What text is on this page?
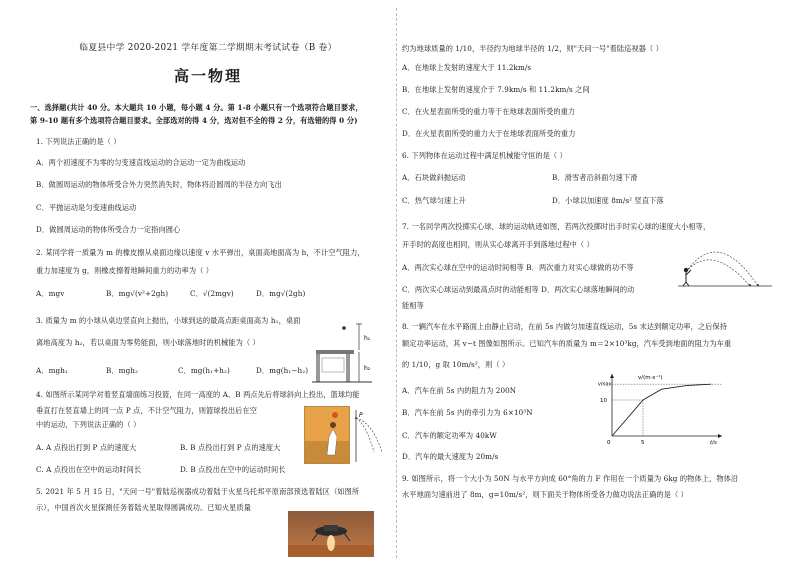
临夏县中学 2020-2021 学年度第二学期期末考试试卷（B 卷）
高一物理
一、选择题(共计 40 分。本大题共 10 小题，每小题 4 分。第 1-8 小题只有一个选项符合题目要求，
第 9-10 题有多个选项符合题目要求。全部选对的得 4 分，选对但不全的得 2 分，有选错的得 0 分)
1. 下列说法正确的是（ ）
A．两个初速度不为零的匀变速直线运动的合运动一定为曲线运动
B．做圆周运动的物体所受合外力突然消失时，物体将沿圆周的半径方向飞出
C．平抛运动是匀变速曲线运动
D．做圆周运动的物体所受合力一定指向圆心
2. 某同学将一质量为 m 的橡皮擦从桌面边缘以速度 v 水平弹出，桌面高地面高为 h，不计空气阻力，
重力加速度为 g，则橡皮擦着地瞬间重力的功率为（ ）
A．mgv	B．mg√(v²+2gh)	C．√(2mgv)	D．mg√(2gh)
3. 质量为 m 的小球从桌边竖直向上抛出，小球到达的最高点距桌面高为 h₁，桌面
离地高度为 h₂，若以桌面为零势能面，则小球落地时的机械能为（ ）
A．mgh₁	B．mgh₂	C．mg(h₁+h₂)	D．mg(h₁−h₂)
h₁
h₂
4. 如图所示某同学对着竖直墙面练习投篮，在同一高度的 A、B 两点先后将球斜向上投出，篮球均能
垂直打在竖直墙上的同一点 P 点，不计空气阻力，则篮球投出后在空
中的运动，下列说法正确的（ ）
A. A 点投出打到 P 点的速度大	B. B 点投出打到 P 点的速度大
C. A 点投出在空中的运动时间长	D. B 点投出在空中的运动时间长
P
5. 2021 年 5 月 15 日，"天问一号"着陆巡视器成功着陆于火星乌托邦平原南部预选着陆区（如图所
示），中国首次火星探测任务着陆火星取得圆满成功。已知火星质量
约为地球质量的 1/10，半径约为地球半径的 1/2，则"天问一号"着陆巡视器（ ）
A．在地球上发射的速度大于 11.2km/s
B．在地球上发射的速度介于 7.9km/s 和 11.2km/s 之间
C．在火星表面所受的重力等于在地球表面所受的重力
D．在火星表面所受的重力大于在地球表面所受的重力
6. 下列物体在运动过程中满足机械能守恒的是（ ）
A．石块做斜抛运动	B．滑雪者沿斜面匀速下滑
C．热气球匀速上升	D．小球以加速度 8m/s² 竖直下落
7. 一名同学两次投掷实心球，球的运动轨迹如图，若两次投掷时出手时实心球的速度大小相等，
开手时的高度也相同，则从实心球离开手到落地过程中（ ）
A．两次实心球在空中的运动时间相等 B．两次重力对实心球做的功不等
C．两次实心球运动到最高点时的动能相等 D．两次实心球落地瞬间的动
能相等
8. 一辆汽车在水平路面上由静止启动，在前 5s 内做匀加速直线运动，5s 末达到额定功率，之后保持
额定功率运动，其 v−t 图像如图所示。已知汽车的质量为 m＝2×10³kg，汽车受到地面的阻力为车重
的 1/10，g 取 10m/s²，则（ ）
A．汽车在前 5s 内的阻力为 200N
B．汽车在前 5s 内的牵引力为 6×10³N
C．汽车的额定功率为 40kW
D．汽车的最大速度为 20m/s
v/(m·s⁻¹)
t/s
vmax
10
0	5
9. 如图所示，将一个大小为 50N 与水平方向成 60°角的力 F 作用在一个质量为 6kg 的物体上，物体沿
水平地面匀速前进了 8m，g=10m/s²，则下面关于物体所受各力做功说法正确的是（ ）
